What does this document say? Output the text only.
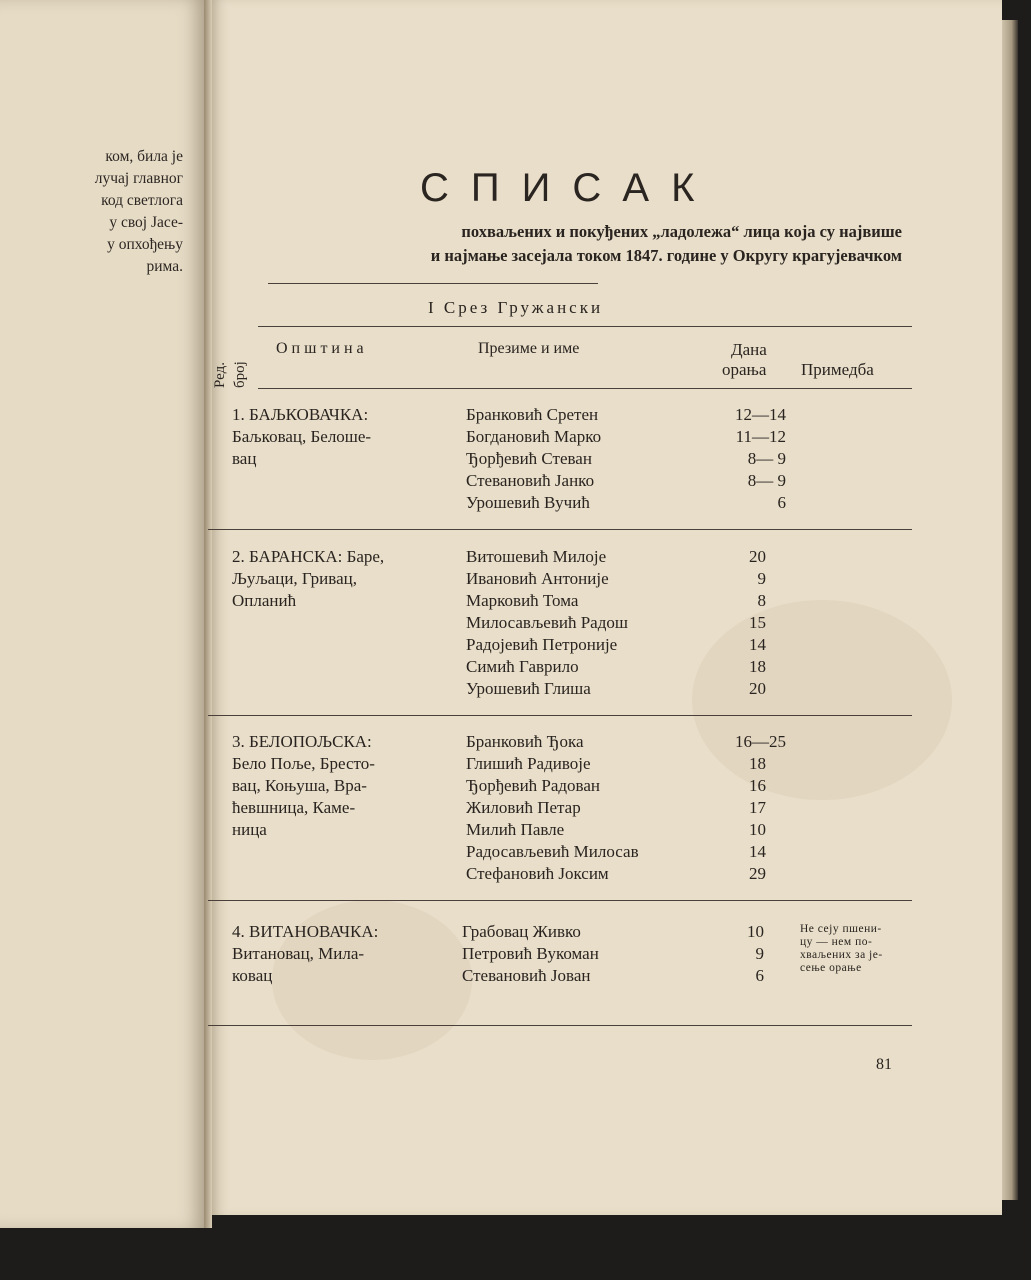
ком, била је
лучај главног
код светлога
у свој Јасе-
у опхођењу
рима.
СПИСАК
похваљених и покуђених „ладолежа“ лица која су највише
и најмање засејала током 1847. године у Округу крагујевачком
I Срез Гружански
Ред. број
Општина	Презиме и име	Дана
орања Примедба
1. БАЉКОВАЧКА:
Баљковац, Белоше-
вац
Бранковић Сретен
Богдановић Марко
Ђорђевић Стеван
Стевановић Јанко
Урошевић Вучић
12—14
11—12
8— 9
8— 9
6
2. БАРАНСКА: Баре,
Љуљаци, Гривац,
Опланић
Витошевић Милоје
Ивановић Антоније
Марковић Тома
Милосављевић Радош
Радојевић Петроније
Симић Гаврило
Урошевић Глиша
20
9
8
15
14
18
20
3. БЕЛОПОЉСКА:
Бело Поље, Бресто-
вац, Коњуша, Вра-
ћевшница, Каме-
ница
Бранковић Ђока
Глишић Радивоје
Ђорђевић Радован
Жиловић Петар
Милић Павле
Радосављевић Милосав
Стефановић Јоксим
16—25
18
16
17
10
14
29
4. ВИТАНОВАЧКА:
Витановац, Мила-
ковац
Грабовац Живко
Петровић Вукоман
Стевановић Јован
10
9
6
Не сеју пшени-
цу — нем по-
хваљених за је-
сење орање
81
